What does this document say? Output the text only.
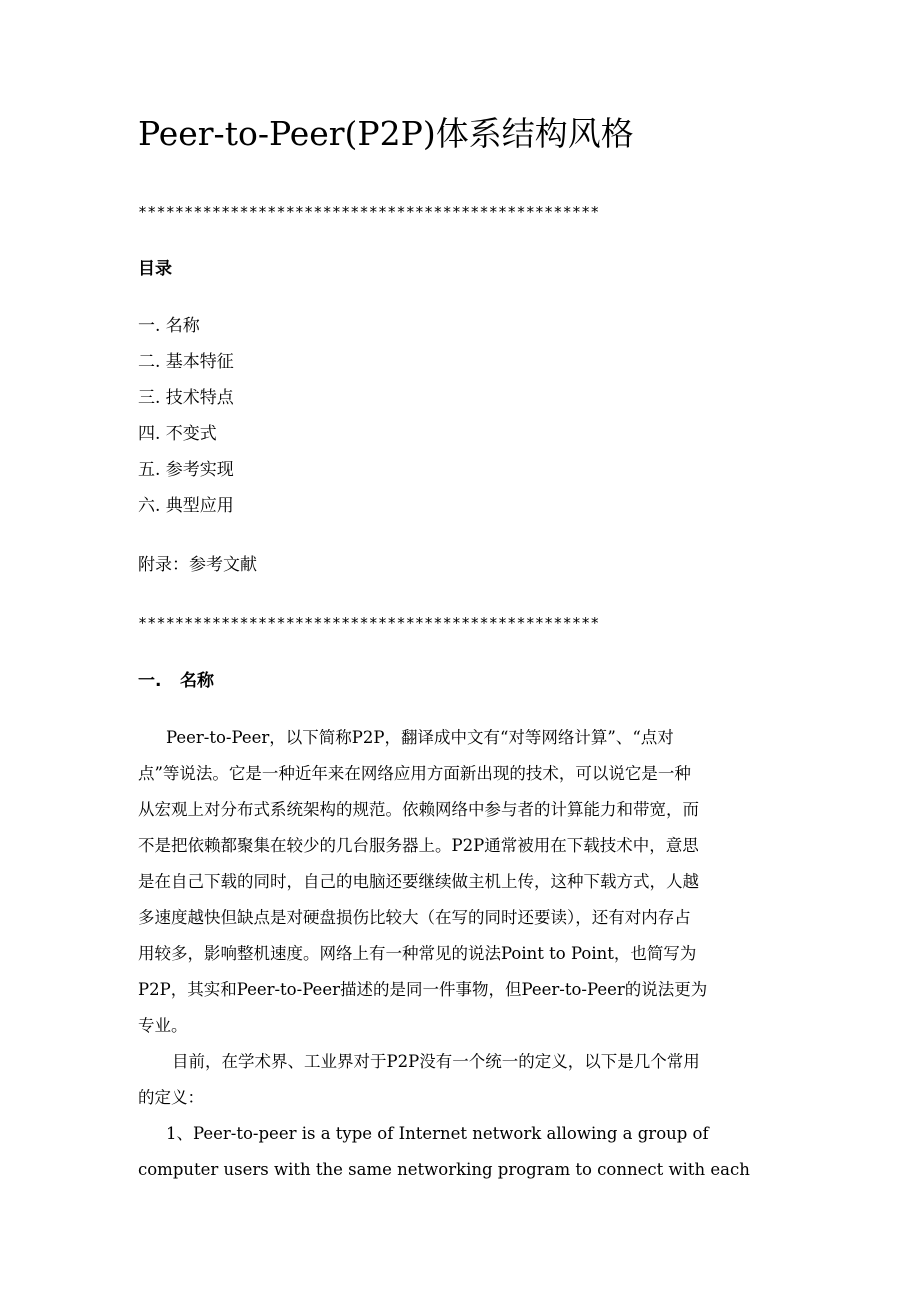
Peer-to-Peer(P2P)体系结构风格
**************************************************
目录
一. 名称
二. 基本特征
三. 技术特点
四. 不变式
五. 参考实现
六. 典型应用
附录：参考文献
**************************************************
一. 名称
Peer-to-Peer，以下简称P2P，翻译成中文有“对等网络计算”、“点对
点”等说法。它是一种近年来在网络应用方面新出现的技术，可以说它是一种
从宏观上对分布式系统架构的规范。依赖网络中参与者的计算能力和带宽，而
不是把依赖都聚集在较少的几台服务器上。P2P通常被用在下载技术中，意思
是在自己下载的同时，自己的电脑还要继续做主机上传，这种下载方式，人越
多速度越快但缺点是对硬盘损伤比较大（在写的同时还要读），还有对内存占
用较多，影响整机速度。网络上有一种常见的说法Point to Point，也简写为
P2P，其实和Peer-to-Peer描述的是同一件事物，但Peer-to-Peer的说法更为
专业。
目前，在学术界、工业界对于P2P没有一个统一的定义，以下是几个常用
的定义：
1、Peer-to-peer is a type of Internet network allowing a group of
computer users with the same networking program to connect with each
